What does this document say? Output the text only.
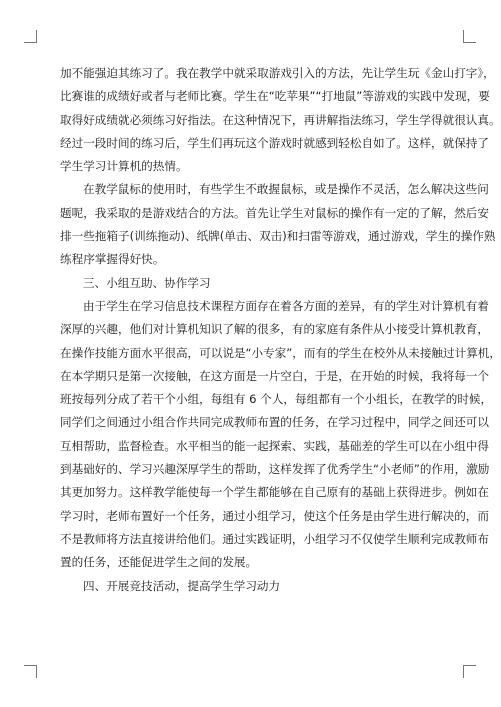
加不能强迫其练习了。我在教学中就采取游戏引入的方法，先让学生玩《金山打字》，
比赛谁的成绩好或者与老师比赛。学生在“吃苹果”“打地鼠”等游戏的实践中发现，要
取得好成绩就必须练习好指法。在这种情况下，再讲解指法练习，学生学得就很认真。
经过一段时间的练习后，学生们再玩这个游戏时就感到轻松自如了。这样，就保持了
学生学习计算机的热情。
在教学鼠标的使用时，有些学生不敢握鼠标，或是操作不灵活，怎么解决这些问
题呢，我采取的是游戏结合的方法。首先让学生对鼠标的操作有一定的了解，然后安
排一些拖箱子(训练拖动)、纸牌(单击、双击)和扫雷等游戏，通过游戏，学生的操作熟
练程序掌握得好快。
三、小组互助、协作学习
由于学生在学习信息技术课程方面存在着各方面的差异，有的学生对计算机有着
深厚的兴趣，他们对计算机知识了解的很多，有的家庭有条件从小接受计算机教育，
在操作技能方面水平很高，可以说是“小专家”，而有的学生在校外从未接触过计算机，
在本学期只是第一次接触，在这方面是一片空白，于是，在开始的时候，我将每一个
班按每列分成了若干个小组，每组有 6 个人，每组都有一个小组长，在教学的时候，
同学们之间通过小组合作共同完成教师布置的任务，在学习过程中，同学之间还可以
互相帮助，监督检查。水平相当的能一起探索、实践，基础差的学生可以在小组中得
到基础好的、学习兴趣深厚学生的帮助，这样发挥了优秀学生“小老师”的作用，激励
其更加努力。这样教学能使每一个学生都能够在自己原有的基础上获得进步。例如在
学习时，老师布置好一个任务，通过小组学习，使这个任务是由学生进行解决的，而
不是教师将方法直接讲给他们。通过实践证明，小组学习不仅使学生顺利完成教师布
置的任务，还能促进学生之间的发展。
四、开展竞技活动，提高学生学习动力
